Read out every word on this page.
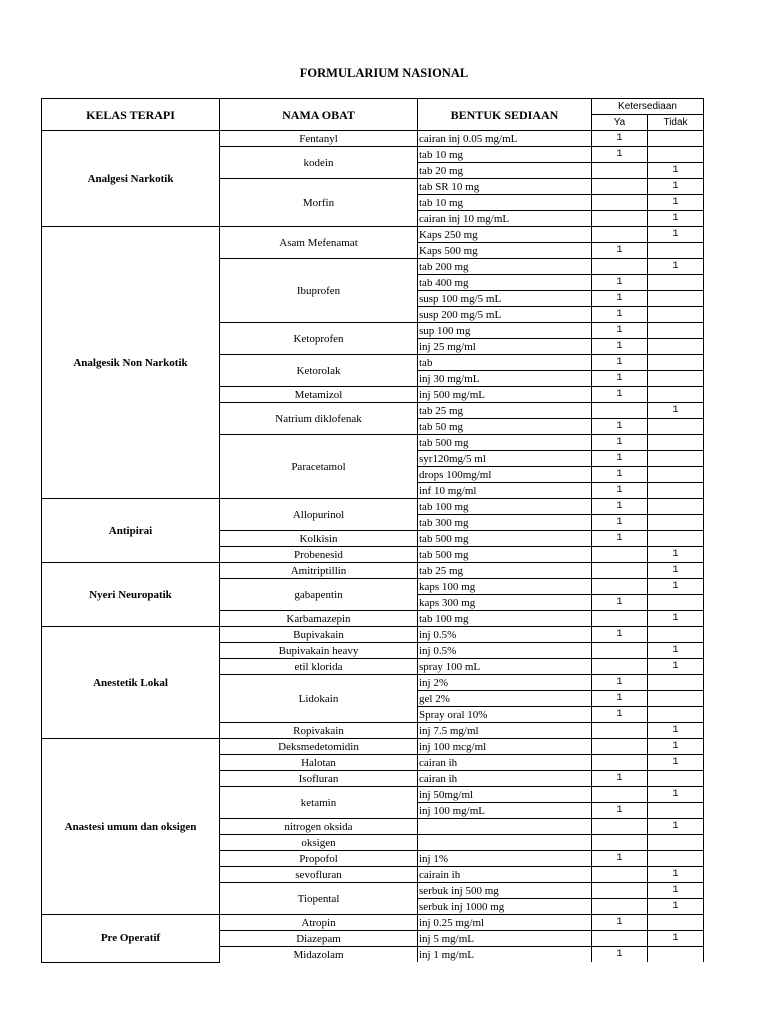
FORMULARIUM NASIONAL
KELAS TERAPI	NAMA OBAT	BENTUK SEDIAAN	Ketersediaan	
			Ya	Tidak
Analgesi Narkotik	Fentanyl	cairan inj 0.05 mg/mL	1	
	kodein	tab 10 mg	1	
		tab 20 mg		1
	Morfin	tab SR 10 mg		1
		tab 10 mg		1
		cairan inj 10 mg/mL		1
Analgesik Non Narkotik	Asam Mefenamat	Kaps 250 mg		1
		Kaps 500 mg	1	
	Ibuprofen	tab 200 mg		1
		tab 400 mg	1	
		susp 100 mg/5 mL	1	
		susp 200 mg/5 mL	1	
	Ketoprofen	sup 100 mg	1	
		inj 25 mg/ml	1	
	Ketorolak	tab	1	
		inj 30 mg/mL	1	
	Metamizol	inj 500 mg/mL	1	
	Natrium diklofenak	tab 25 mg		1
		tab 50 mg	1	
	Paracetamol	tab 500 mg	1	
		syr120mg/5 ml	1	
		drops 100mg/ml	1	
		inf 10 mg/ml	1	
Antipirai	Allopurinol	tab 100 mg	1	
		tab 300 mg	1	
	Kolkisin	tab 500 mg	1	
	Probenesid	tab 500 mg		1
Nyeri Neuropatik	Amitriptillin	tab 25 mg		1
	gabapentin	kaps 100 mg		1
		kaps 300 mg	1	
	Karbamazepin	tab 100 mg		1
Anestetik Lokal	Bupivakain	inj 0.5%	1	
	Bupivakain heavy	inj 0.5%		1
	etil klorida	spray 100 mL		1
	Lidokain	inj 2%	1	
		gel 2%	1	
		Spray oral 10%	1	
	Ropivakain	inj 7.5 mg/ml		1
Anastesi umum dan oksigen	Deksmedetomidin	inj 100 mcg/ml		1
	Halotan	cairan ih		1
	Isofluran	cairan ih	1	
	ketamin	inj 50mg/ml		1
		inj 100 mg/mL	1	
	nitrogen oksida			1
	oksigen			
	Propofol	inj 1%	1	
	sevofluran	cairain ih		1
	Tiopental	serbuk inj 500 mg		1
		serbuk inj 1000 mg		1
Pre Operatif	Atropin	inj 0.25 mg/ml	1	
	Diazepam	inj 5 mg/mL		1
	Midazolam	inj 1 mg/mL	1	
